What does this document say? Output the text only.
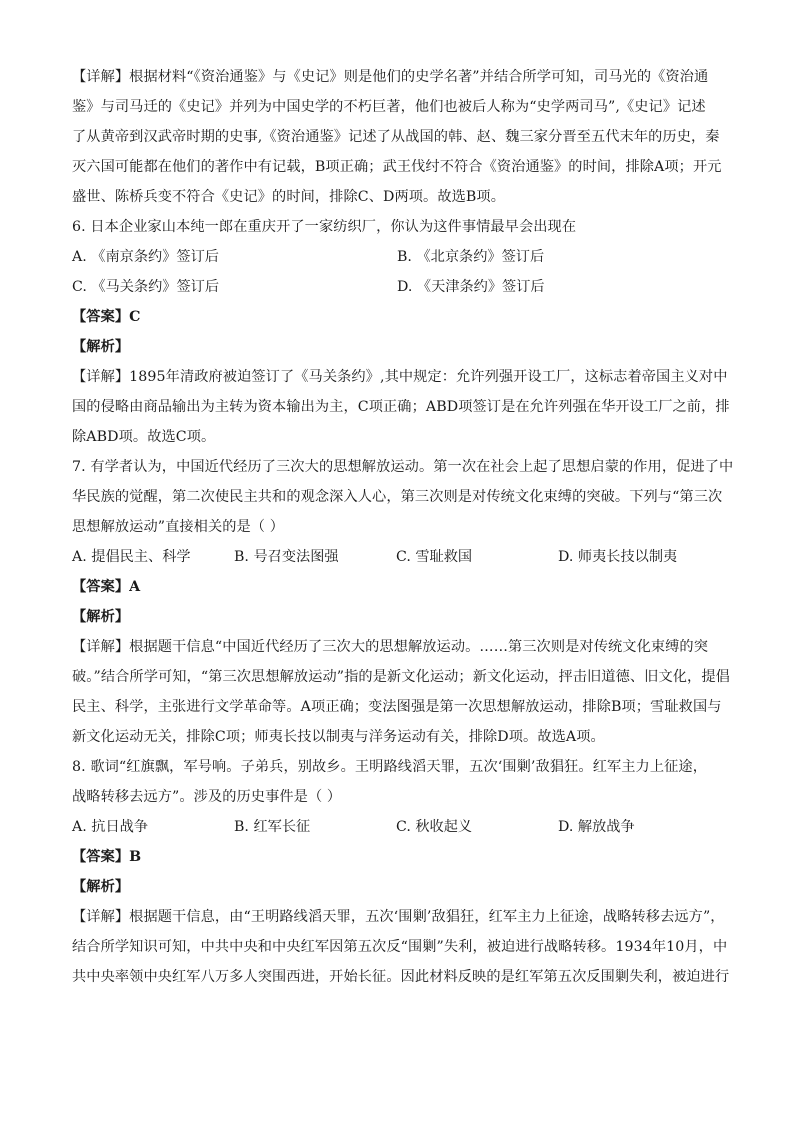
【详解】根据材料“《资治通鉴》与《史记》则是他们的史学名著”并结合所学可知，司马光的《资治通
鉴》与司马迁的《史记》并列为中国史学的不朽巨著，他们也被后人称为“史学两司马”,《史记》记述
了从黄帝到汉武帝时期的史事,《资治通鉴》记述了从战国的韩、赵、魏三家分晋至五代末年的历史，秦
灭六国可能都在他们的著作中有记载，B项正确；武王伐纣不符合《资治通鉴》的时间，排除A项；开元
盛世、陈桥兵变不符合《史记》的时间，排除C、D两项。故选B项。
6. 日本企业家山本纯一郎在重庆开了一家纺织厂，你认为这件事情最早会出现在
A. 《南京条约》签订后	B. 《北京条约》签订后
C. 《马关条约》签订后	D. 《天津条约》签订后
【答案】C
【解析】
【详解】1895年清政府被迫签订了《马关条约》,其中规定：允许列强开设工厂，这标志着帝国主义对中
国的侵略由商品输出为主转为资本输出为主，C项正确；ABD项签订是在允许列强在华开设工厂之前，排
除ABD项。故选C项。
7. 有学者认为，中国近代经历了三次大的思想解放运动。第一次在社会上起了思想启蒙的作用，促进了中
华民族的觉醒，第二次使民主共和的观念深入人心，第三次则是对传统文化束缚的突破。下列与“第三次
思想解放运动”直接相关的是（ ）
A. 提倡民主、科学	B. 号召变法图强	C. 雪耻救国	D. 师夷长技以制夷
【答案】A
【解析】
【详解】根据题干信息“中国近代经历了三次大的思想解放运动。……第三次则是对传统文化束缚的突
破。”结合所学可知，“第三次思想解放运动”指的是新文化运动；新文化运动，抨击旧道德、旧文化，提倡
民主、科学，主张进行文学革命等。A项正确；变法图强是第一次思想解放运动，排除B项；雪耻救国与
新文化运动无关，排除C项；师夷长技以制夷与洋务运动有关，排除D项。故选A项。
8. 歌词“红旗飘，军号响。子弟兵，别故乡。王明路线滔天罪，五次‘围剿’敌猖狂。红军主力上征途，
战略转移去远方”。涉及的历史事件是（ ）
A. 抗日战争	B. 红军长征	C. 秋收起义	D. 解放战争
【答案】B
【解析】
【详解】根据题干信息，由“王明路线滔天罪，五次‘围剿’敌猖狂，红军主力上征途，战略转移去远方”，
结合所学知识可知，中共中央和中央红军因第五次反“围剿”失利，被迫进行战略转移。1934年10月，中
共中央率领中央红军八万多人突围西进，开始长征。因此材料反映的是红军第五次反围剿失利，被迫进行
